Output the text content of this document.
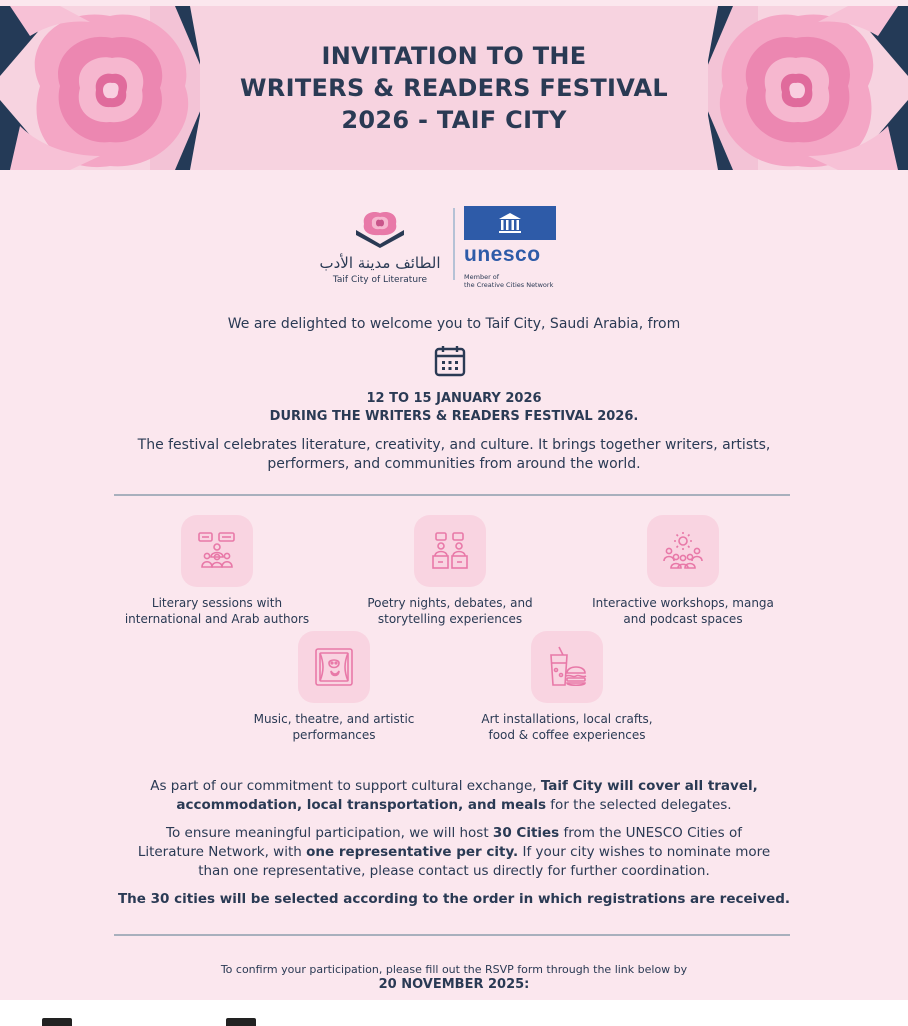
INVITATION TO THE
WRITERS & READERS FESTIVAL
2026 - TAIF CITY
الطائف مدينة الأدب
Taif City of Literature
unesco
Member of
the Creative Cities Network
We are delighted to welcome you to Taif City, Saudi Arabia, from
12 TO 15 JANUARY 2026
DURING THE WRITERS & READERS FESTIVAL 2026.
The festival celebrates literature, creativity, and culture. It brings together writers, artists,
performers, and communities from around the world.
Literary sessions with
international and Arab authors
Poetry nights, debates, and
storytelling experiences
Interactive workshops, manga
and podcast spaces
Music, theatre, and artistic
performances
Art installations, local crafts,
food & coffee experiences
As part of our commitment to support cultural exchange, Taif City will cover all travel,
accommodation, local transportation, and meals for the selected delegates.
To ensure meaningful participation, we will host 30 Cities from the UNESCO Cities of
Literature Network, with one representative per city. If your city wishes to nominate more
than one representative, please contact us directly for further coordination.
The 30 cities will be selected according to the order in which registrations are received.
To confirm your participation, please fill out the RSVP form through the link below by
20 NOVEMBER 2025:
